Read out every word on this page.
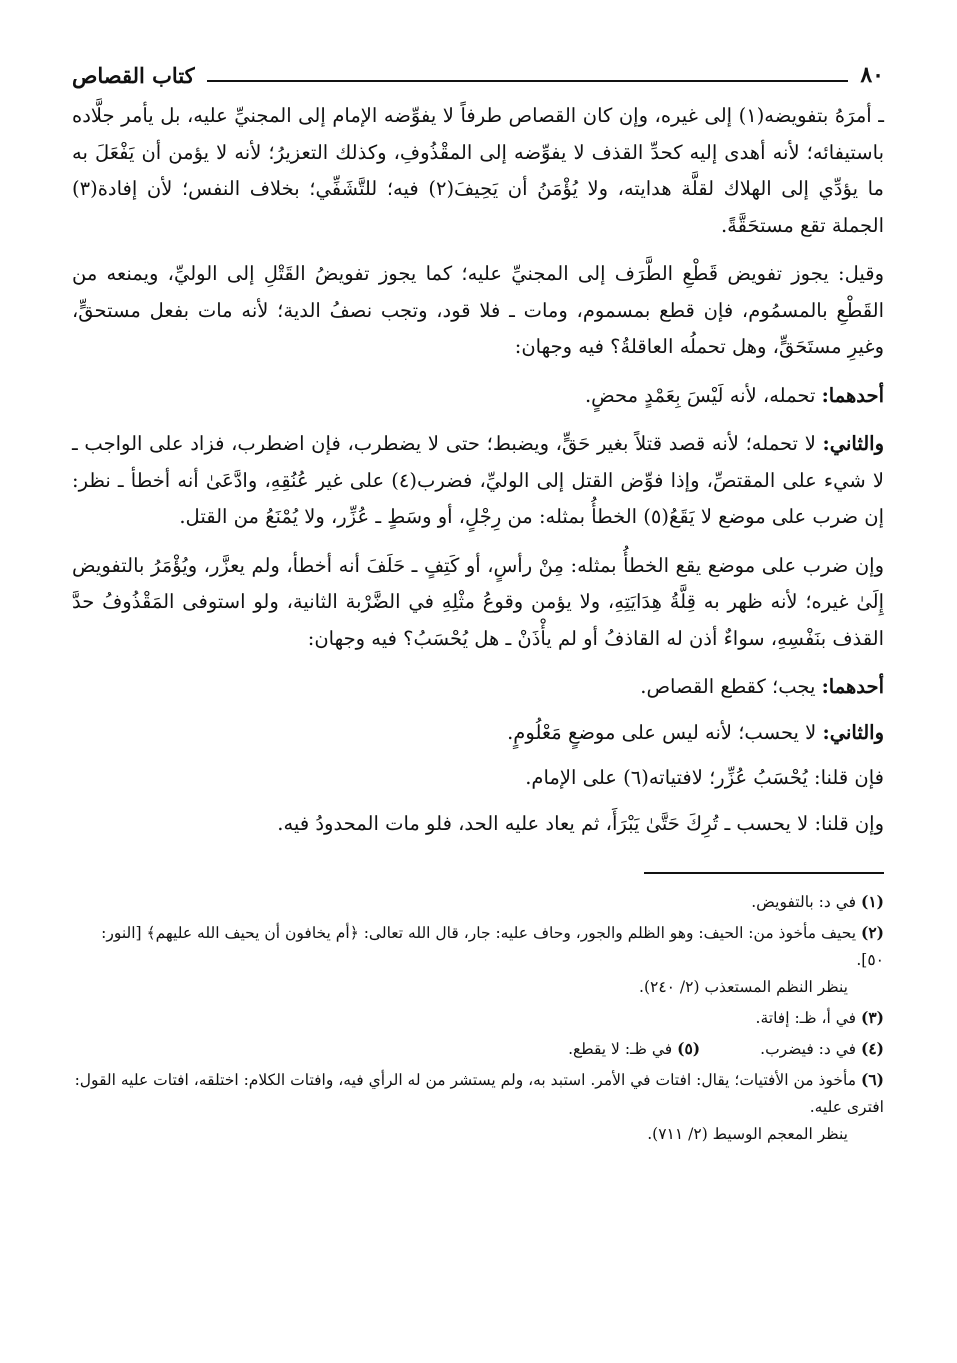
٨٠
كتاب القصاص

ـ أمرَهُ بتفويضه(١) إلى غيره، وإن كان القصاص طرفاً لا يفوِّضه الإمام إلى المجنيِّ عليه، بل يأمر جلَّاده باستيفائه؛ لأنه أهدى إليه كحدِّ القذف لا يفوِّضه إلى المقْذُوفِ، وكذلك التعزيرُ؛ لأنه لا يؤمن أن يَفْعَلَ به ما يؤدِّي إلى الهلاك لقلَّة هدايته، ولا يُؤْمَنُ أن يَحِيفَ(٢) فيه؛ للتَّشَفِّي؛ بخلاف النفس؛ لأن إفادة(٣) الجملة تقع مستحَقَّةً.

وقيل: يجوز تفويض قَطْعِ الطَّرَف إلى المجنيِّ عليه؛ كما يجوز تفويضُ القَتْلِ إلى الوليِّ، ويمنعه من القَطْعِ بالمسمُوم، فإن قطع بمسموم، ومات ـ فلا قود، وتجب نصفُ الدية؛ لأنه مات بفعل مستحقٍّ، وغيرِ مستَحَقٍّ، وهل تحملُه العاقلةُ؟ فيه وجهان:

أحدهما: تحمله، لأنه لَيْسَ بِعَمْدٍ محضٍ.

والثاني: لا تحمله؛ لأنه قصد قتلاً بغير حَقٍّ، ويضبط؛ حتى لا يضطرب، فإن اضطرب، فزاد على الواجب ـ لا شيء على المقتصِّ، وإذا فوِّض القتل إلى الوليِّ، فضرب(٤) على غير عُنُقِهِ، وادَّعَىٰ أنه أخطأ ـ نظر: إن ضرب على موضع لا يَقَعُ(٥) الخطأُ بمثله: من رِجْلٍ، أو وسَطٍ ـ عُزِّر، ولا يُمْنَعُ من القتل.

وإن ضرب على موضع يقع الخطأُ بمثله: مِنْ رأسٍ، أو كَتِفٍ ـ حَلَفَ أنه أخطأ، ولم يعزَّر، ويُؤْمَرُ بالتفويض إِلَىٰ غيره؛ لأنه ظهر به قِلَّةُ هِدَايَتِهِ، ولا يؤمن وقوعُ مثْلِهِ في الضَّرْبة الثانية، ولو استوفى المَقْذُوفُ حدَّ القذف بنَفْسِهِ، سواءٌ أذن له القاذفُ أو لم يأْذَنْ ـ هل يُحْسَبُ؟ فيه وجهان:

أحدهما: يجب؛ كقطع القصاص.

والثاني: لا يحسب؛ لأنه ليس على موضعٍ مَعْلُومٍ.

فإن قلنا: يُحْسَبُ عُزِّر؛ لافتياته(٦) على الإمام.

وإن قلنا: لا يحسب ـ تُرِكَ حَتَّىٰ يَبْرَأَ، ثم يعاد عليه الحد، فلو مات المحدودُ فيه.

(١) في د: بالتفويض.
(٢) يحيف مأخوذ من: الحيف: وهو الظلم والجور، وحاف عليه: جار، قال الله تعالى: ﴿أم يخافون أن يحيف الله عليهم﴾ [النور: ٥٠].
ينظر النظم المستعذب (٢/ ٢٤٠).
(٣) في أ، ظـ: إفاتة.
(٤) في د: فيضرب.
(٥) في ظـ: لا يقطع.
(٦) مأخوذ من الأفتيات؛ يقال: افتات في الأمر. استبد به، ولم يستشر من له الرأي فيه، وافتات الكلام: اختلقه، افتات عليه القول: افترى عليه.
ينظر المعجم الوسيط (٢/ ٧١١).
